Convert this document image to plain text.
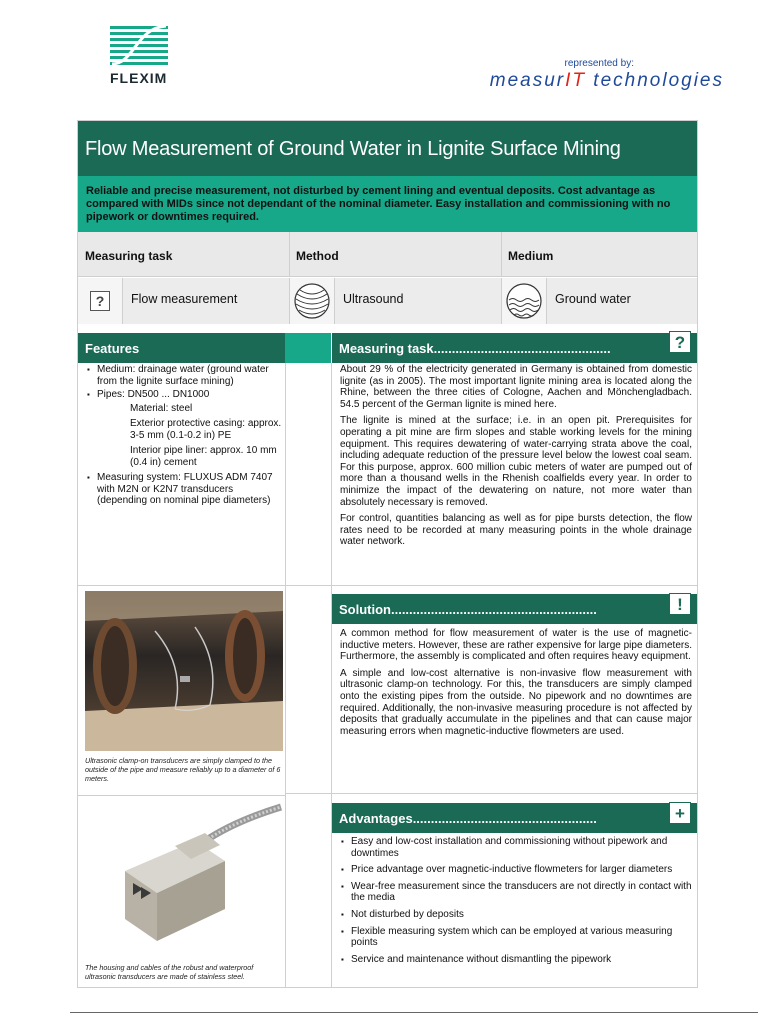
FLEXIM
represented by:
measurIT technologies
Flow Measurement of Ground Water in Lignite Surface Mining
Reliable and precise measurement, not disturbed by cement lining and eventual deposits. Cost advantage as compared with MIDs since not dependant of the nominal diameter. Easy installation and commissioning with no pipework or downtimes required.
Measuring task	Method	Medium
?	Flow measurement	Ultrasound	Ground water
Features	Measuring task.................................................	?
▪ Medium: drainage water (ground water from the lignite surface mining)
▪ Pipes: DN500 ... DN1000
Material: steel
Exterior protective casing: approx. 3-5 mm (0.1-0.2 in) PE
Interior pipe liner: approx. 10 mm (0.4 in) cement
▪ Measuring system: FLUXUS ADM 7407 with M2N or K2N7 transducers (depending on nominal pipe diameters)

About 29 % of the electricity generated in Germany is obtained from domestic lignite (as in 2005). The most important lignite mining area is located along the Rhine, between the three cities of Cologne, Aachen and Mönchengladbach. 54.5 percent of the German lignite is mined here.

The lignite is mined at the surface; i.e. in an open pit. Prerequisites for operating a pit mine are firm slopes and stable working levels for the mining equipment. This requires dewatering of water-carrying strata above the coal, including adequate reduction of the pressure level below the lowest coal seam. For this purpose, approx. 600 million cubic meters of water are pumped out of more than a thousand wells in the Rhenish coalfields every year. In order to minimize the impact of the dewatering on nature, not more water than absolutely necessary is removed.

For control, quantities balancing as well as for pipe bursts detection, the flow rates need to be recorded at many measuring points in the whole drainage water network.

Solution.........................................................	!

A common method for flow measurement of water is the use of magnetic-inductive meters. However, these are rather expensive for large pipe diameters. Furthermore, the assembly is complicated and often requires heavy equipment.

A simple and low-cost alternative is non-invasive flow measurement with ultrasonic clamp-on technology. For this, the transducers are simply clamped onto the existing pipes from the outside. No pipework and no downtimes are required. Additionally, the non-invasive measuring procedure is not affected by deposits that gradually accumulate in the pipelines and that can cause major measuring errors when magnetic-inductive flowmeters are used.

Advantages...................................................	+
▪ Easy and low-cost installation and commissioning without pipework and downtimes
▪ Price advantage over magnetic-inductive flowmeters for larger diameters
▪ Wear-free measurement since the transducers are not directly in contact with the media
▪ Not disturbed by deposits
▪ Flexible measuring system which can be employed at various measuring points
▪ Service and maintenance without dismantling the pipework
Ultrasonic clamp-on transducers are simply clamped to the outside of the pipe and measure reliably up to a diameter of 6 meters.
The housing and cables of the robust and waterproof ultrasonic transducers are made of stainless steel.
